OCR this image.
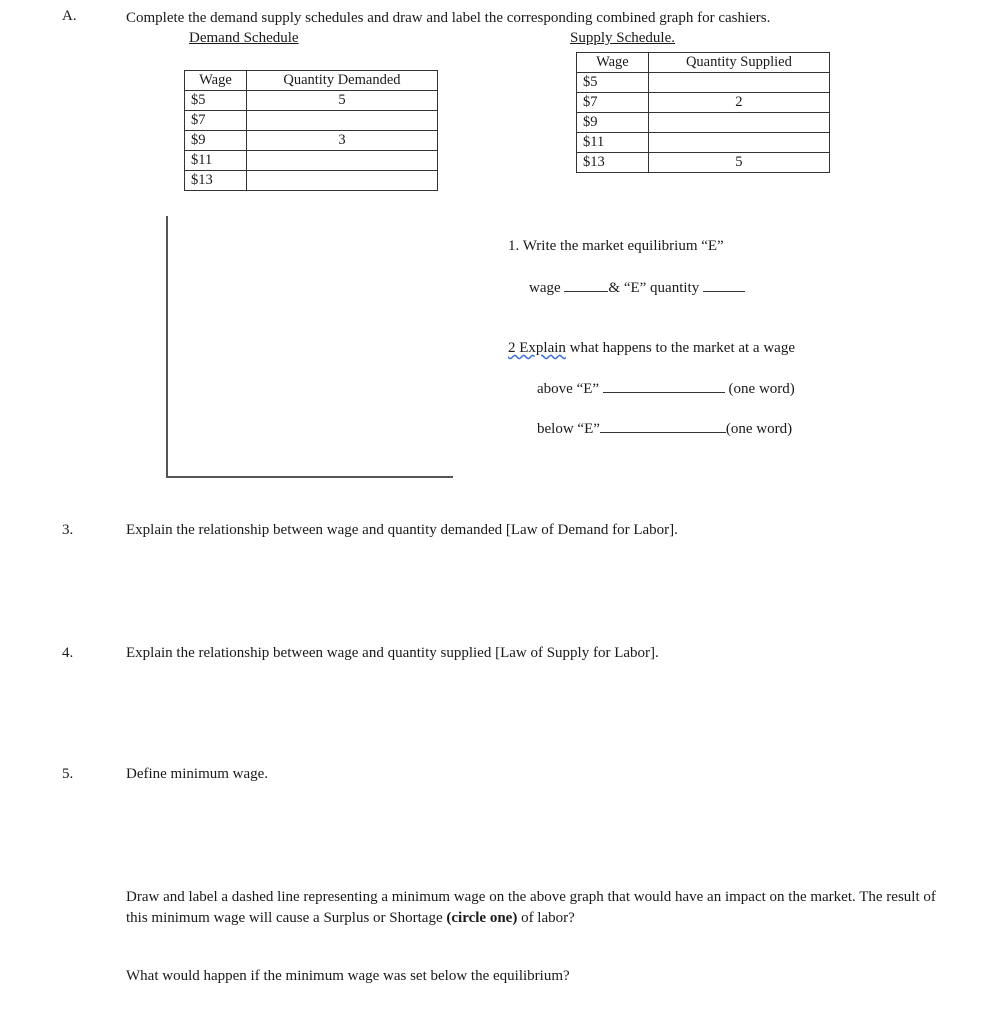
A.	Complete the demand supply schedules and draw and label the corresponding combined graph for cashiers.
Demand Schedule
Wage	Quantity Demanded
$5	5
$7	
$9	3
$11	
$13	
Supply Schedule.
Wage	Quantity Supplied
$5	
$7	2
$9	
$11	
$13	5
1. Write the market equilibrium “E”
wage	& “E” quantity
2 Explain what happens to the market at a wage
above “E”	(one word)
below “E”	(one word)
3.	Explain the relationship between wage and quantity demanded [Law of Demand for Labor].
4.	Explain the relationship between wage and quantity supplied [Law of Supply for Labor].
5.	Define minimum wage.
Draw and label a dashed line representing a minimum wage on the above graph that would have an impact on the market. The result of this minimum wage will cause a Surplus or Shortage (circle one) of labor?
What would happen if the minimum wage was set below the equilibrium?
